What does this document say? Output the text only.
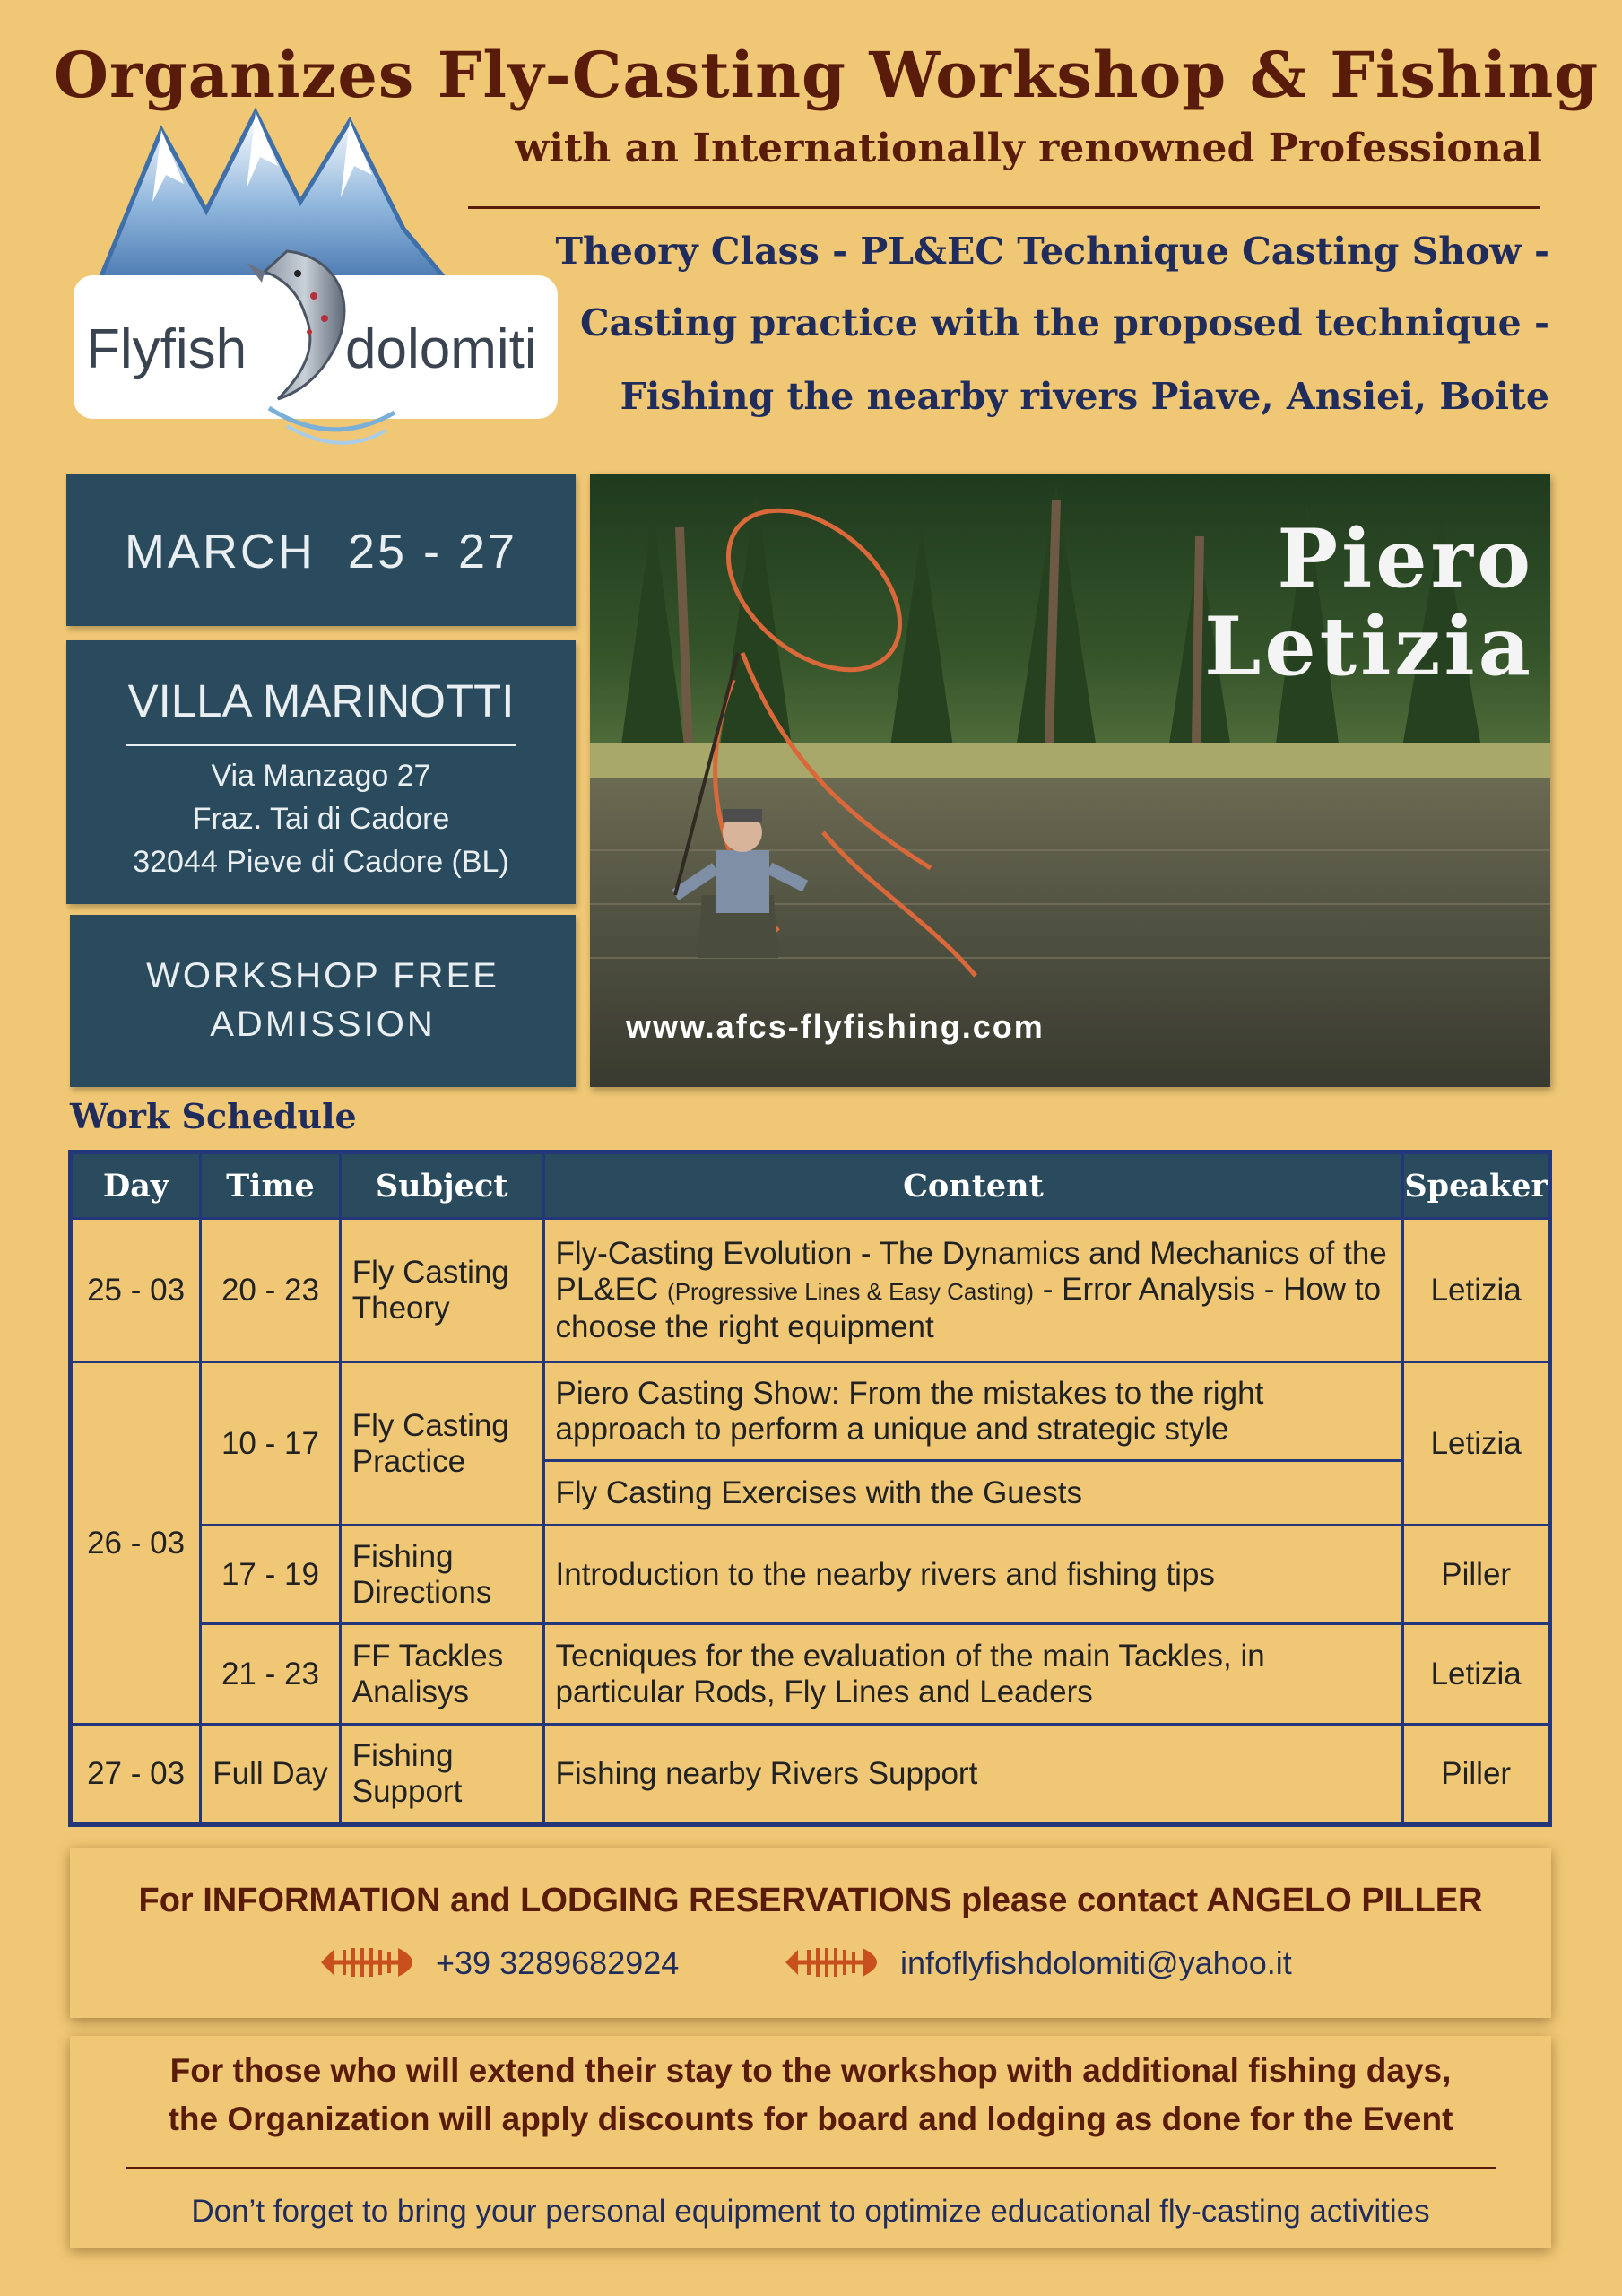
Organizes Fly-Casting Workshop & Fishing
with an Internationally renowned Professional
Theory Class - PL&EC Technique Casting Show -
Casting practice with the proposed technique -
Fishing the nearby rivers Piave, Ansiei, Boite
Flyfish dolomiti
MARCH  25 - 27
VILLA MARINOTTI
Via Manzago 27
Fraz. Tai di Cadore
32044 Pieve di Cadore (BL)
WORKSHOP FREE
ADMISSION
Piero
Letizia
www.afcs-flyfishing.com
Work Schedule
Day	Time	Subject	Content	Speaker
25 - 03	20 - 23	Fly Casting Theory	Fly-Casting Evolution - The Dynamics and Mechanics of the PL&EC (Progressive Lines & Easy Casting) - Error Analysis - How to choose the right equipment	Letizia
26 - 03	10 - 17	Fly Casting Practice	Piero Casting Show: From the mistakes to the right approach to perform a unique and strategic style	Letizia
			Fly Casting Exercises with the Guests	
	17 - 19	Fishing Directions	Introduction to the nearby rivers and fishing tips	Piller
	21 - 23	FF Tackles Analisys	Tecniques for the evaluation of the main Tackles, in particular Rods, Fly Lines and Leaders	Letizia
27 - 03	Full Day	Fishing Support	Fishing nearby Rivers Support	Piller
For INFORMATION and LODGING RESERVATIONS please contact ANGELO PILLER
+39 3289682924	infoflyfishdolomiti@yahoo.it
For those who will extend their stay to the workshop with additional fishing days,
the Organization will apply discounts for board and lodging as done for the Event
Don’t forget to bring your personal equipment to optimize educational fly-casting activities
